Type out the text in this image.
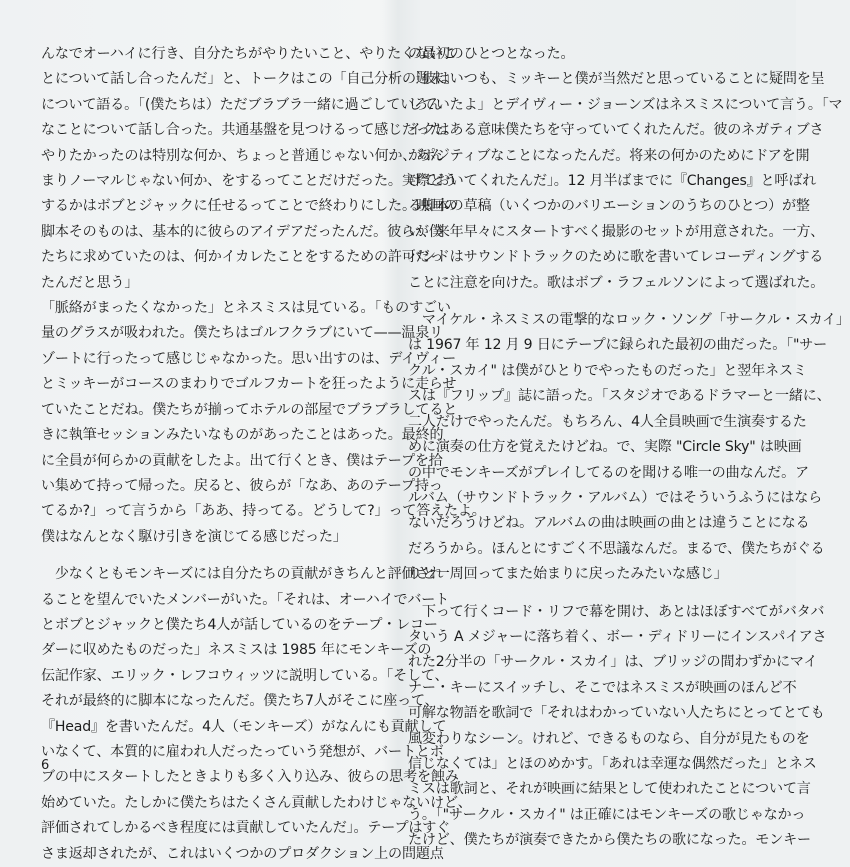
んなでオーハイに行き、自分たちがやりたいこと、やりたくないこ
とについて話し合ったんだ」と、トークはこの「自己分析の週末」
について語る。「(僕たちは）ただブラブラ一緒に過ごしていろん
なことについて話し合った。共通基盤を見つけるって感じだった。
やりたかったのは特別な何か、ちょっと普通じゃない何か、あん
まりノーマルじゃない何か、をするってことだけだった。実際どう
するかはボブとジャックに任せるってことで終わりにした。映画の
脚本そのものは、基本的に彼らのアイデアだったんだ。彼らが僕
たちに求めていたのは、何かイカレたことをするための許可だっ
たんだと思う」

「脈絡がまったくなかった」とネスミスは見ている。「ものすごい
量のグラスが吸われた。僕たちはゴルフクラブにいて——温泉リ
ゾートに行ったって感じじゃなかった。思い出すのは、デイヴィー
とミッキーがコースのまわりでゴルフカートを狂ったように走らせ
ていたことだね。僕たちが揃ってホテルの部屋でブラブラしてると
きに執筆セッションみたいなものがあったことはあった。最終的
に全員が何らかの貢献をしたよ。出て行くとき、僕はテープを拾
い集めて持って帰った。戻ると、彼らが「なあ、あのテープ持っ
てるか?」って言うから「ああ、持ってる。どうして?」って答えたよ。
僕はなんとなく駆け引きを演じてる感じだった」

　少なくともモンキーズには自分たちの貢献がきちんと評価され
ることを望んでいたメンバーがいた。「それは、オーハイでバート
とボブとジャックと僕たち4人が話しているのをテープ・レコー
ダーに収めたものだった」ネスミスは 1985 年にモンキーズの
伝記作家、エリック・レフコウィッツに説明している。「そして、
それが最終的に脚本になったんだ。僕たち7人がそこに座って、
『Head』を書いたんだ。4人（モンキーズ）がなんにも貢献して
いなくて、本質的に雇われ人だったっていう発想が、バートとボ
ブの中にスタートしたときよりも多く入り込み、彼らの思考を蝕み
始めていた。たしかに僕たちはたくさん貢献したわけじゃないけど、
評価されてしかるべき程度には貢献していたんだ」。テープはすぐ
さま返却されたが、これはいくつかのプロダクション上の問題点

の最初のひとつとなった。
「彼はいつも、ミッキーと僕が当然だと思っていることに疑問を呈
していたよ」とデイヴィー・ジョーンズはネスミスについて言う。「マ
イクはある意味僕たちを守っていてくれたんだ。彼のネガティブさ
がポジティブなことになったんだ。将来の何かのためにドアを開
けておいてくれたんだ」。12 月半ばまでに『Changes』と呼ばれ
る脚本の草稿（いくつかのバリエーションのうちのひとつ）が整
い、来年早々にスタートすべく撮影のセットが用意された。一方、
バンドはサウンドトラックのために歌を書いてレコーディングする
ことに注意を向けた。歌はボブ・ラフェルソンによって選ばれた。

　マイケル・ネスミスの電撃的なロック・ソング「サークル・スカイ」
は 1967 年 12 月 9 日にテープに録られた最初の曲だった。「"サー
クル・スカイ" は僕がひとりでやったものだった」と翌年ネスミ
スは『フリップ』誌に語った。「スタジオであるドラマーと一緒に、
二人だけでやったんだ。もちろん、4人全員映画で生演奏するた
めに演奏の仕方を覚えたけどね。で、実際 "Circle Sky" は映画
の中でモンキーズがプレイしてるのを聞ける唯一の曲なんだ。ア
ルバム（サウンドトラック・アルバム）ではそういうふうにはなら
ないだろうけどね。アルバムの曲は映画の曲とは違うことになる
だろうから。ほんとにすごく不思議なんだ。まるで、僕たちがぐる
りと一周回ってまた始まりに戻ったみたいな感じ」

　下って行くコード・リフで幕を開け、あとはほぼすべてがバタバ
タいう A メジャーに落ち着く、ボー・ディドリーにインスパイアさ
れた2分半の「サークル・スカイ」は、ブリッジの間わずかにマイ
ナー・キーにスイッチし、そこではネスミスが映画のほんど不
可解な物語を歌詞で「それはわかっていない人たちにとってとても
風変わりなシーン。けれど、できるものなら、自分が見たものを
信じなくては」とほのめかす。「あれは幸運な偶然だった」とネス
ミスは歌詞と、それが映画に結果として使われたことについて言
う。「"サークル・スカイ" は正確にはモンキーズの歌じゃなかっ
たけど、僕たちが演奏できたから僕たちの歌になった。モンキー

6
